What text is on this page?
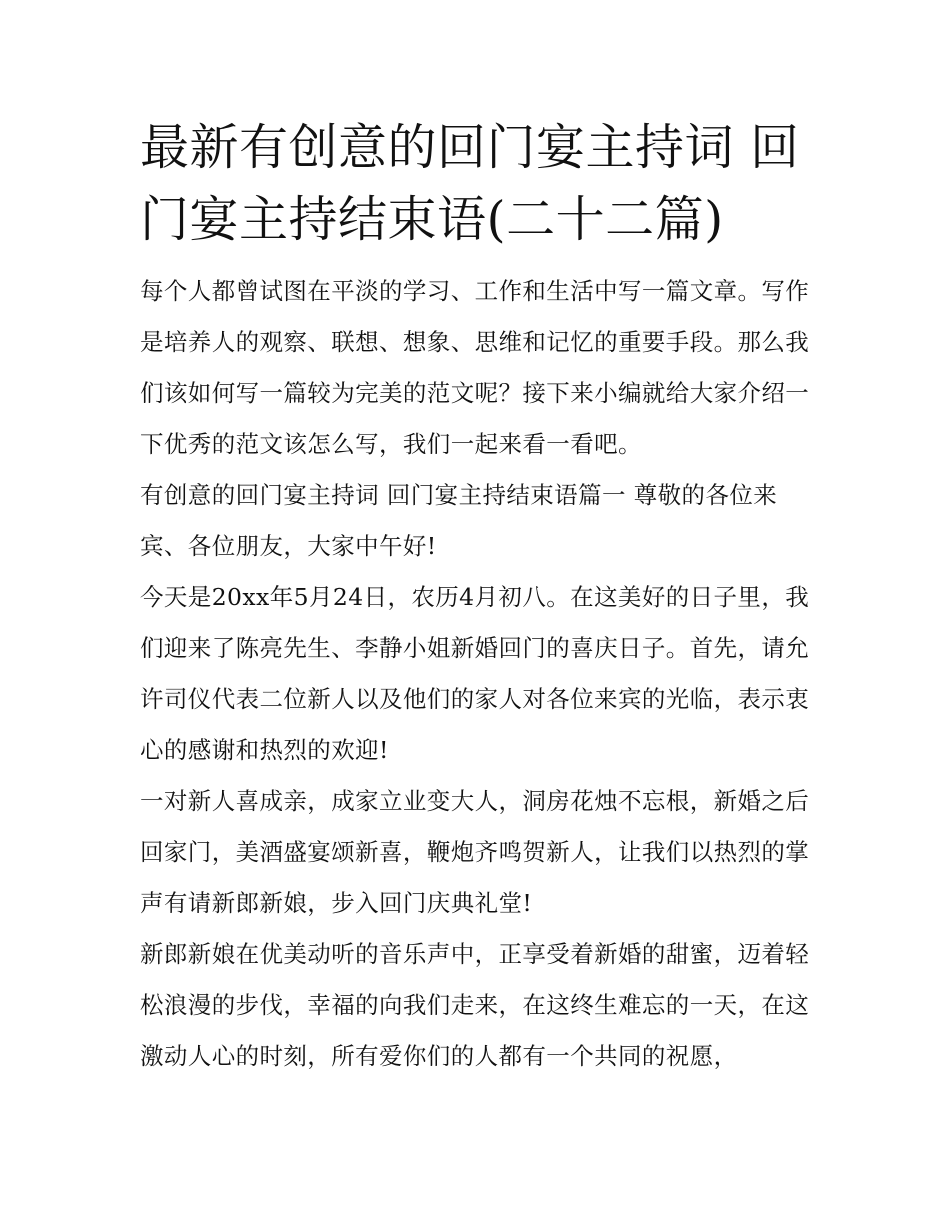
最新有创意的回门宴主持词 回门宴主持结束语(二十二篇)

每个人都曾试图在平淡的学习、工作和生活中写一篇文章。写作是培养人的观察、联想、想象、思维和记忆的重要手段。那么我们该如何写一篇较为完美的范文呢？接下来小编就给大家介绍一下优秀的范文该怎么写，我们一起来看一看吧。

有创意的回门宴主持词 回门宴主持结束语篇一 尊敬的各位来宾、各位朋友，大家中午好!

今天是20xx年5月24日，农历4月初八。在这美好的日子里，我们迎来了陈亮先生、李静小姐新婚回门的喜庆日子。首先，请允许司仪代表二位新人以及他们的家人对各位来宾的光临，表示衷心的感谢和热烈的欢迎!

一对新人喜成亲，成家立业变大人，洞房花烛不忘根，新婚之后回家门，美酒盛宴颂新喜，鞭炮齐鸣贺新人，让我们以热烈的掌声有请新郎新娘，步入回门庆典礼堂!

新郎新娘在优美动听的音乐声中，正享受着新婚的甜蜜，迈着轻松浪漫的步伐，幸福的向我们走来，在这终生难忘的一天，在这激动人心的时刻，所有爱你们的人都有一个共同的祝愿，
